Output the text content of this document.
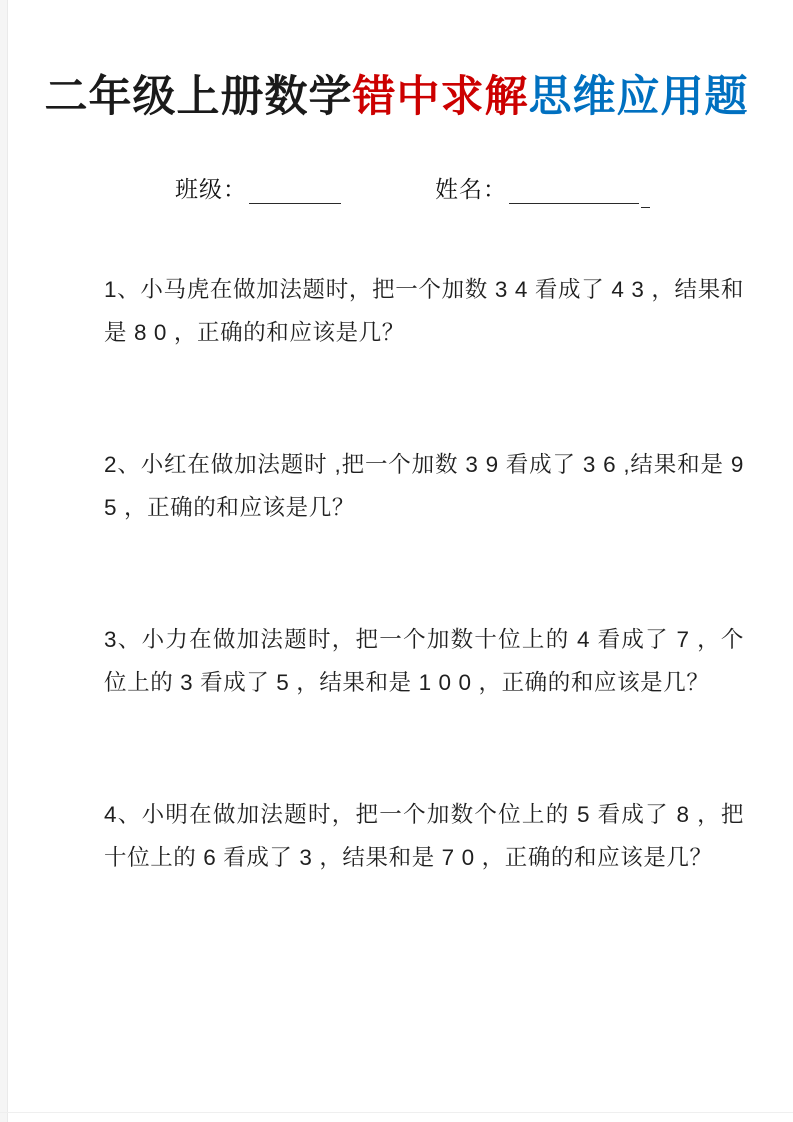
二年级上册数学错中求解思维应用题
班级：	姓名：

1、小马虎在做加法题时，把一个加数 3 4 看成了 4 3 ，结果和是 8 0 ，正确的和应该是几？

2、小红在做加法题时 ,把一个加数 3 9 看成了 3 6 ,结果和是 9 5 ，正确的和应该是几？

3、小力在做加法题时，把一个加数十位上的 4 看成了 7 ，个位上的 3 看成了 5 ，结果和是 1 0 0 ，正确的和应该是几？

4、小明在做加法题时，把一个加数个位上的 5 看成了 8 ，把十位上的 6 看成了 3 ，结果和是 7 0 ，正确的和应该是几？
